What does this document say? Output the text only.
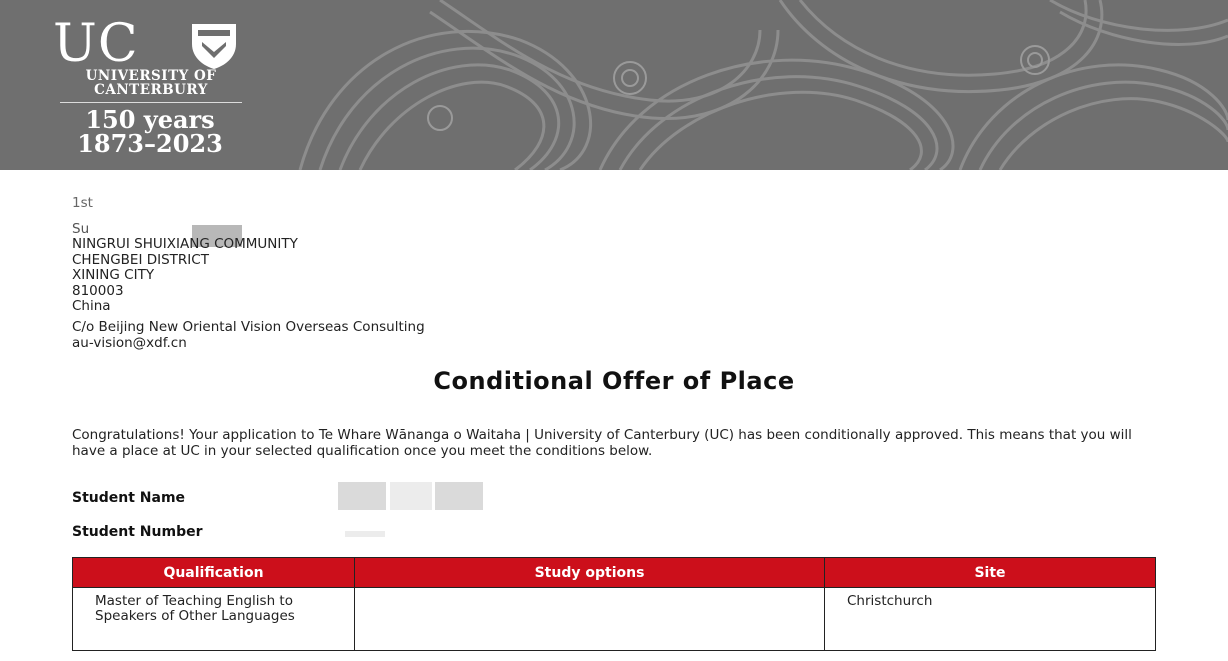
UC
UNIVERSITY OF
CANTERBURY
150 years
1873–2023
1st
Su
NINGRUI SHUIXIANG COMMUNITY
CHENGBEI DISTRICT
XINING CITY
810003
China
C/o Beijing New Oriental Vision Overseas Consulting
au-vision@xdf.cn
Conditional Offer of Place
Congratulations! Your application to Te Whare Wānanga o Waitaha | University of Canterbury (UC) has been conditionally approved. This means that you will have a place at UC in your selected qualification once you meet the conditions below.
Student Name
Student Number
Qualification	Study options	Site
Master of Teaching English to Speakers of Other Languages		Christchurch
